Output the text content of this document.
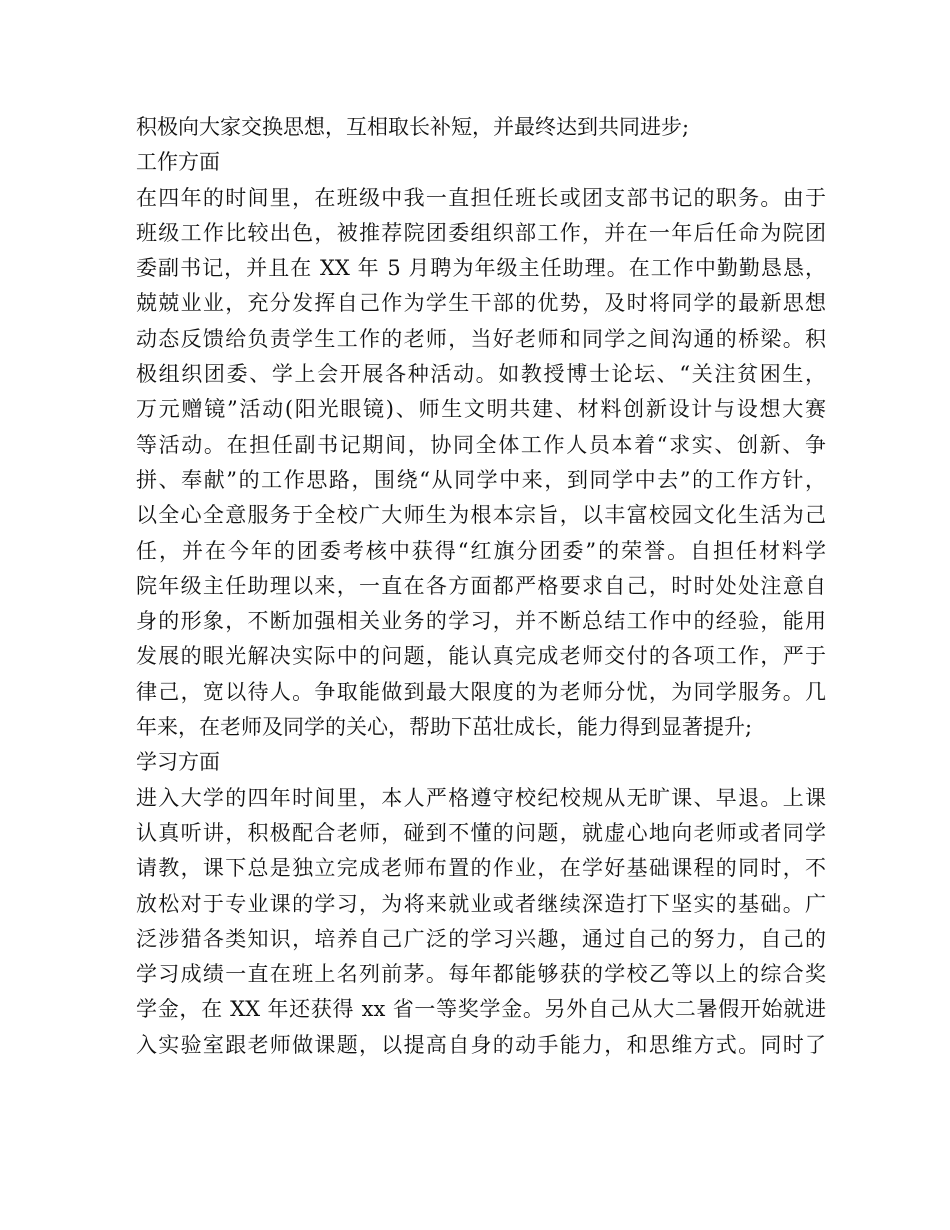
积极向大家交换思想，互相取长补短，并最终达到共同进步;
工作方面
在四年的时间里，在班级中我一直担任班长或团支部书记的职务。由于
班级工作比较出色，被推荐院团委组织部工作，并在一年后任命为院团
委副书记，并且在 XX 年 5 月聘为年级主任助理。在工作中勤勤恳恳，
兢兢业业，充分发挥自己作为学生干部的优势，及时将同学的最新思想
动态反馈给负责学生工作的老师，当好老师和同学之间沟通的桥梁。积
极组织团委、学上会开展各种活动。如教授博士论坛、“关注贫困生，
万元赠镜”活动(阳光眼镜)、师生文明共建、材料创新设计与设想大赛
等活动。在担任副书记期间，协同全体工作人员本着“求实、创新、争
拼、奉献”的工作思路，围绕“从同学中来，到同学中去”的工作方针，
以全心全意服务于全校广大师生为根本宗旨，以丰富校园文化生活为己
任，并在今年的团委考核中获得“红旗分团委”的荣誉。自担任材料学
院年级主任助理以来，一直在各方面都严格要求自己，时时处处注意自
身的形象，不断加强相关业务的学习，并不断总结工作中的经验，能用
发展的眼光解决实际中的问题，能认真完成老师交付的各项工作，严于
律己，宽以待人。争取能做到最大限度的为老师分忧，为同学服务。几
年来，在老师及同学的关心，帮助下茁壮成长，能力得到显著提升;
学习方面
进入大学的四年时间里，本人严格遵守校纪校规从无旷课、早退。上课
认真听讲，积极配合老师，碰到不懂的问题，就虚心地向老师或者同学
请教，课下总是独立完成老师布置的作业，在学好基础课程的同时，不
放松对于专业课的学习，为将来就业或者继续深造打下坚实的基础。广
泛涉猎各类知识，培养自己广泛的学习兴趣，通过自己的努力，自己的
学习成绩一直在班上名列前茅。每年都能够获的学校乙等以上的综合奖
学金，在 XX 年还获得 xx 省一等奖学金。另外自己从大二暑假开始就进
入实验室跟老师做课题，以提高自身的动手能力，和思维方式。同时了
